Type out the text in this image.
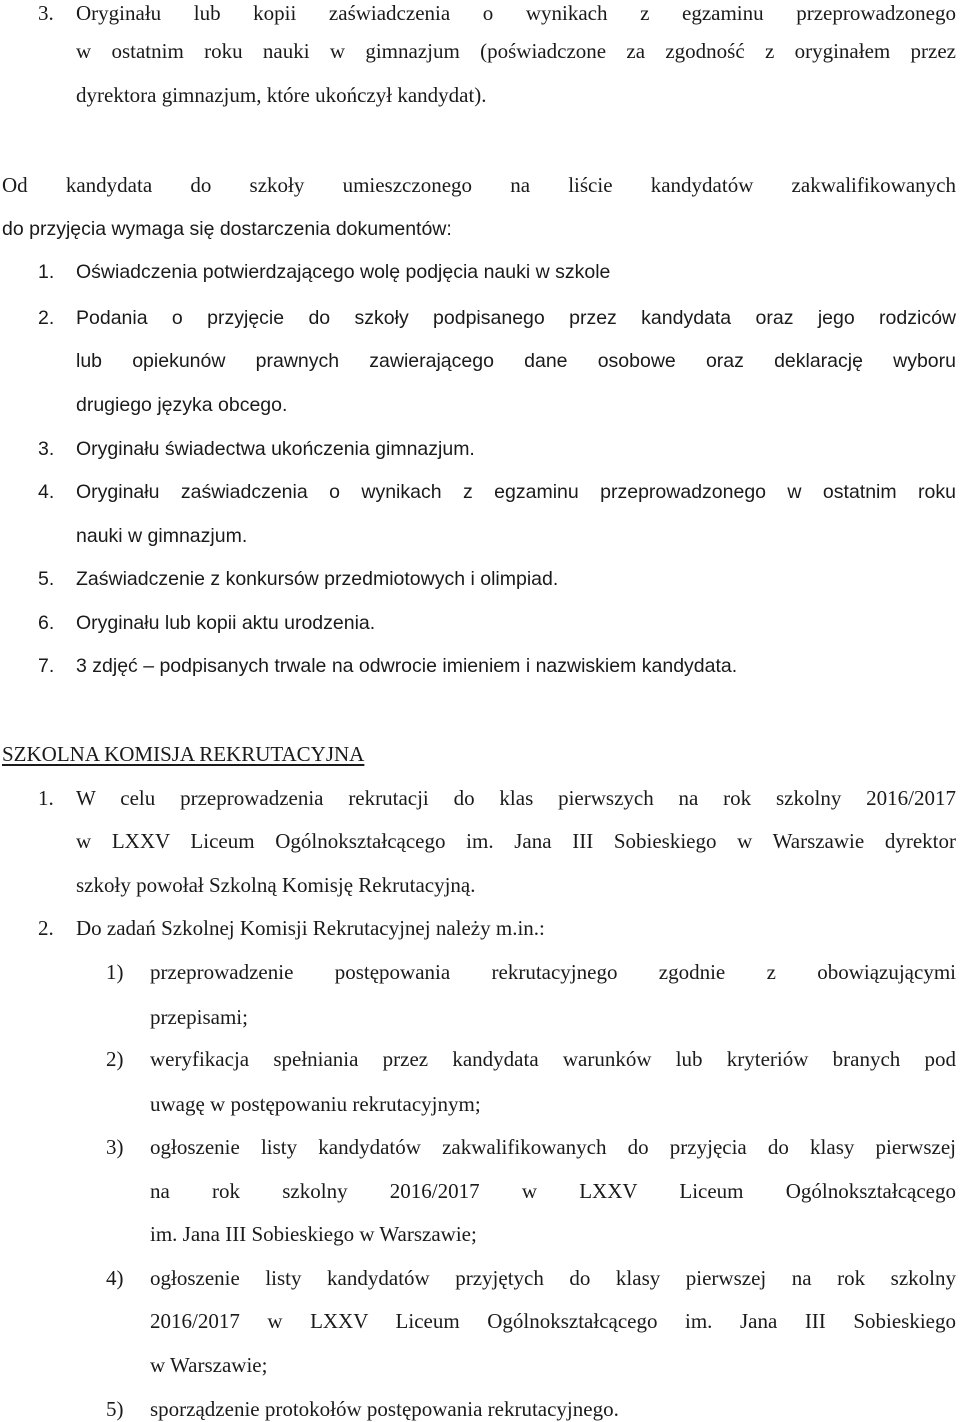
3. Oryginału lub kopii zaświadczenia o wynikach z egzaminu przeprowadzonego
w ostatnim roku nauki w gimnazjum (poświadczone za zgodność z oryginałem przez
dyrektora gimnazjum, które ukończył kandydat).
Od kandydata do szkoły umieszczonego na liście kandydatów zakwalifikowanych
do przyjęcia wymaga się dostarczenia dokumentów:
1. Oświadczenia potwierdzającego wolę podjęcia nauki w szkole
2. Podania o przyjęcie do szkoły podpisanego przez kandydata oraz jego rodziców
lub opiekunów prawnych zawierającego dane osobowe oraz deklarację wyboru
drugiego języka obcego.
3. Oryginału świadectwa ukończenia gimnazjum.
4. Oryginału zaświadczenia o wynikach z egzaminu przeprowadzonego w ostatnim roku
nauki w gimnazjum.
5. Zaświadczenie z konkursów przedmiotowych i olimpiad.
6. Oryginału lub kopii aktu urodzenia.
7. 3 zdjęć – podpisanych trwale na odwrocie imieniem i nazwiskiem kandydata.
SZKOLNA KOMISJA REKRUTACYJNA
1. W celu przeprowadzenia rekrutacji do klas pierwszych na rok szkolny 2016/2017
w LXXV Liceum Ogólnokształcącego im. Jana III Sobieskiego w Warszawie dyrektor
szkoły powołał Szkolną Komisję Rekrutacyjną.
2. Do zadań Szkolnej Komisji Rekrutacyjnej należy m.in.:
1) przeprowadzenie postępowania rekrutacyjnego zgodnie z obowiązującymi
przepisami;
2) weryfikacja spełniania przez kandydata warunków lub kryteriów branych pod
uwagę w postępowaniu rekrutacyjnym;
3) ogłoszenie listy kandydatów zakwalifikowanych do przyjęcia do klasy pierwszej
na rok szkolny 2016/2017 w LXXV Liceum Ogólnokształcącego
im. Jana III Sobieskiego w Warszawie;
4) ogłoszenie listy kandydatów przyjętych do klasy pierwszej na rok szkolny
2016/2017 w LXXV Liceum Ogólnokształcącego im. Jana III Sobieskiego
w Warszawie;
5) sporządzenie protokołów postępowania rekrutacyjnego.
